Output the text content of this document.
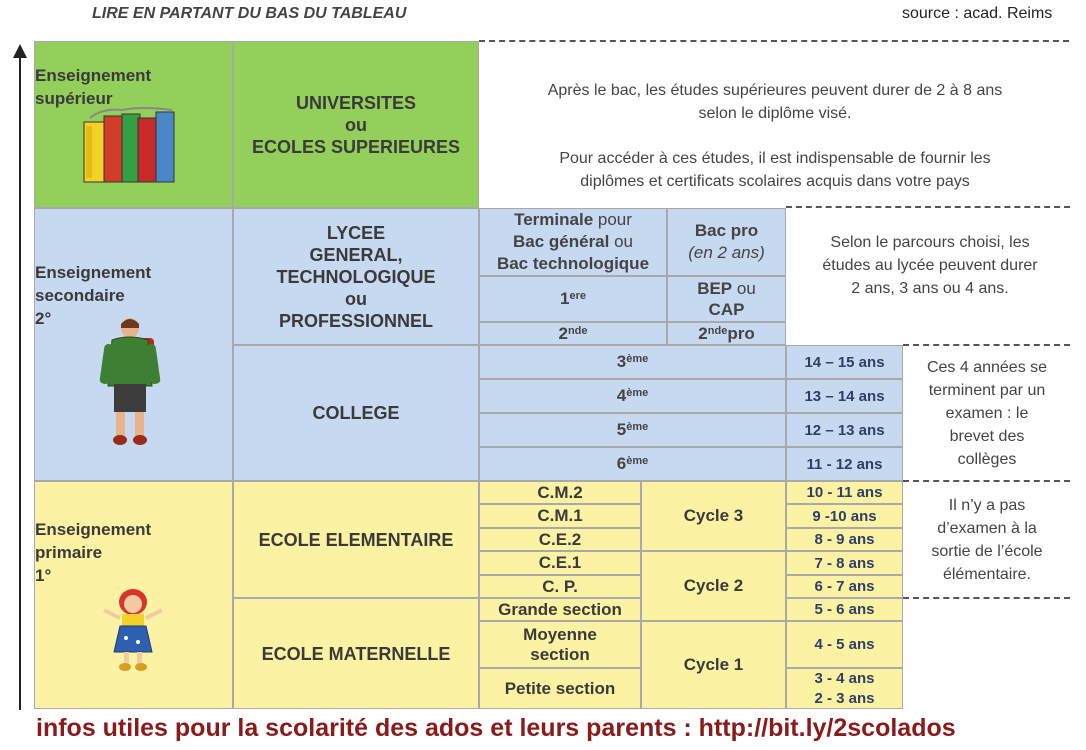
LIRE EN PARTANT DU BAS DU TABLEAU	source : acad. Reims
Enseignement
supérieur	UNIVERSITES
ou
ECOLES SUPERIEURES
Après le bac, les études supérieures peuvent durer de 2 à 8 ans
selon le diplôme visé.
Pour accéder à ces études, il est indispensable de fournir les
diplômes et certificats scolaires acquis dans votre pays
Enseignement
secondaire
2°
LYCEE
GENERAL,
TECHNOLOGIQUE
ou
PROFESSIONNEL
Terminale pour
Bac général ou
Bac technologique
1ere
2nde
Bac pro
(en 2 ans)
BEP ou
CAP
2nde pro
Selon le parcours choisi, les
études au lycée peuvent durer
2 ans, 3 ans ou 4 ans.
COLLEGE
3ème
4ème
5ème
6ème
14 – 15 ans
13 – 14 ans
12 – 13 ans
11 - 12 ans
Ces 4 années se
terminent par un
examen : le
brevet des
collèges
Enseignement
primaire
1°
ECOLE ELEMENTAIRE
ECOLE MATERNELLE
C.M.2
C.M.1
C.E.2
C.E.1
C. P.
Grande section
Moyenne
section
Petite section
Cycle 3
Cycle 2
Cycle 1
10 - 11 ans
9 -10 ans
8 - 9 ans
7 - 8 ans
6 - 7 ans
5 - 6 ans
4 - 5 ans
3 - 4 ans
2 - 3 ans
Il n’y a pas
d’examen à la
sortie de l’école
élémentaire.
infos utiles pour la scolarité des ados et leurs parents : http://bit.ly/2scolados
